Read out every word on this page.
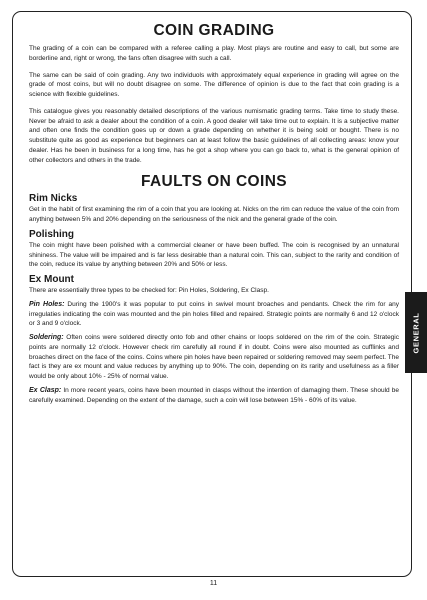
COIN GRADING

The grading of a coin can be compared with a referee calling a play. Most plays are routine and easy to call, but some are borderline and, right or wrong, the fans often disagree with such a call.

The same can be said of coin grading. Any two individuols with approximately equal experience in grading will agree on the grade of most coins, but will no doubt disagree on some. The difference of opinion is due to the fact that coin grading is a science with flexible guidelines.

This catalogue gives you reasonably detailed descriptions of the various numismatic grading terms. Take time to study these. Never be afraid to ask a dealer about the condition of a coin. A good dealer will take time out to explain. It is a subjective matter and often one finds the condition goes up or down a grade depending on whether it is being sold or bought. There is no substitute quite as good as experience but beginners can at least follow the basic guidelines of all collecting areas: know your dealer. Has he been in business for a long time, has he got a shop where you can go back to, what is the general opinion of other collectors and others in the trade.

FAULTS ON COINS
Rim Nicks

Get in the habit of first examining the rim of a coin that you are looking at. Nicks on the rim can reduce the value of the coin from anything between 5% and 20% depending on the seriousness of the nick and the general grade of the coin.

Polishing

The coin might have been polished with a commercial cleaner or have been buffed. The coin is recognised by an unnatural shininess. The value will be impaired and is far less desirable than a natural coin. This can, subject to the rarity and condition of the coin, reduce its value by anything between 20% and 50% or less.

Ex Mount

There are essentially three types to be checked for: Pin Holes, Soldering, Ex Clasp.

Pin Holes: During the 1900's it was popular to put coins in swivel mount broaches and pendants. Check the rim for any irregulaties indicating the coin was mounted and the pin holes filled and repaired. Strategic points are normally 6 and 12 o'clock or 3 and 9 o'clock.

Soldering: Often coins were soldered directly onto fob and other chains or loops soldered on the rim of the coin. Strategic points are normally 12 o'clock. However check rim carefully all round if in doubt. Coins were also mounted as cufflinks and broaches direct on the face of the coins. Coins where pin holes have been repaired or soldering removed may seem perfect. The fact is they are ex mount and value reduces by anything up to 90%. The coin, depending on its rarity and usefulness as a filler would be only about 10% - 25% of normal value.

Ex Clasp: In more recent years, coins have been mounted in clasps without the intention of damaging them. These should be carefully examined. Depending on the extent of the damage, such a coin will lose between 15% - 60% of its value.

GENERAL
11
